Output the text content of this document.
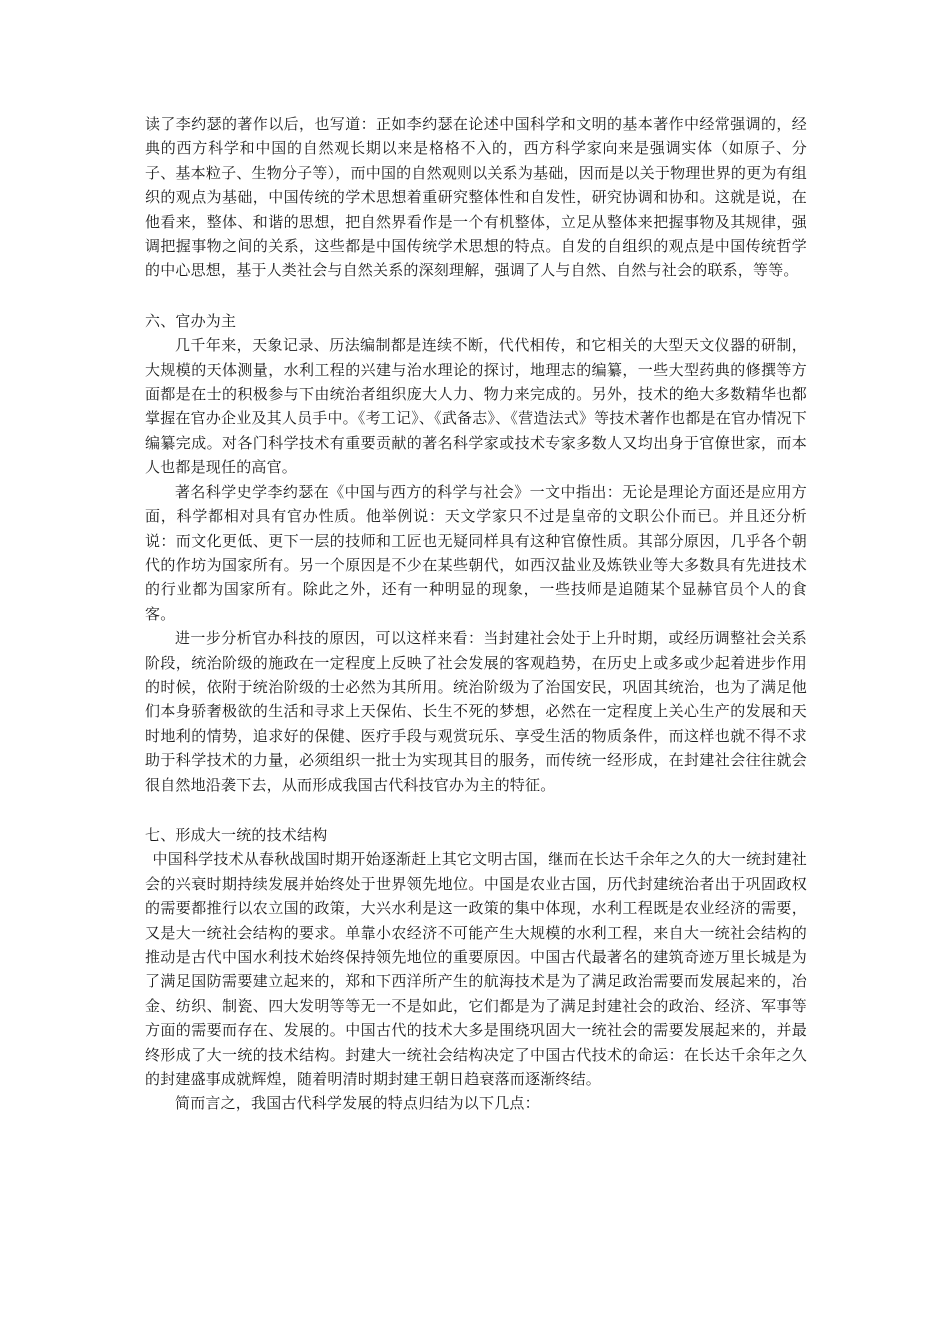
读了李约瑟的著作以后，也写道：正如李约瑟在论述中国科学和文明的基本著作中经常强调的，经典的西方科学和中国的自然观长期以来是格格不入的，西方科学家向来是强调实体（如原子、分子、基本粒子、生物分子等），而中国的自然观则以关系为基础，因而是以关于物理世界的更为有组织的观点为基础，中国传统的学术思想着重研究整体性和自发性，研究协调和协和。这就是说，在他看来，整体、和谐的思想，把自然界看作是一个有机整体，立足从整体来把握事物及其规律，强调把握事物之间的关系，这些都是中国传统学术思想的特点。自发的自组织的观点是中国传统哲学的中心思想，基于人类社会与自然关系的深刻理解，强调了人与自然、自然与社会的联系，等等。

六、官办为主

几千年来，天象记录、历法编制都是连续不断，代代相传，和它相关的大型天文仪器的研制，大规模的天体测量，水利工程的兴建与治水理论的探讨，地理志的编纂，一些大型药典的修撰等方面都是在士的积极参与下由统治者组织庞大人力、物力来完成的。另外，技术的绝大多数精华也都掌握在官办企业及其人员手中。《考工记》、《武备志》、《营造法式》等技术著作也都是在官办情况下编纂完成。对各门科学技术有重要贡献的著名科学家或技术专家多数人又均出身于官僚世家，而本人也都是现任的高官。

著名科学史学李约瑟在《中国与西方的科学与社会》一文中指出：无论是理论方面还是应用方面，科学都相对具有官办性质。他举例说：天文学家只不过是皇帝的文职公仆而已。并且还分析说：而文化更低、更下一层的技师和工匠也无疑同样具有这种官僚性质。其部分原因，几乎各个朝代的作坊为国家所有。另一个原因是不少在某些朝代，如西汉盐业及炼铁业等大多数具有先进技术的行业都为国家所有。除此之外，还有一种明显的现象，一些技师是追随某个显赫官员个人的食客。

进一步分析官办科技的原因，可以这样来看：当封建社会处于上升时期，或经历调整社会关系阶段，统治阶级的施政在一定程度上反映了社会发展的客观趋势，在历史上或多或少起着进步作用的时候，依附于统治阶级的士必然为其所用。统治阶级为了治国安民，巩固其统治，也为了满足他们本身骄奢极欲的生活和寻求上天保佑、长生不死的梦想，必然在一定程度上关心生产的发展和天时地利的情势，追求好的保健、医疗手段与观赏玩乐、享受生活的物质条件，而这样也就不得不求助于科学技术的力量，必须组织一批士为实现其目的服务，而传统一经形成，在封建社会往往就会很自然地沿袭下去，从而形成我国古代科技官办为主的特征。

七、形成大一统的技术结构

中国科学技术从春秋战国时期开始逐渐赶上其它文明古国，继而在长达千余年之久的大一统封建社会的兴衰时期持续发展并始终处于世界领先地位。中国是农业古国，历代封建统治者出于巩固政权的需要都推行以农立国的政策，大兴水利是这一政策的集中体现，水利工程既是农业经济的需要，又是大一统社会结构的要求。单靠小农经济不可能产生大规模的水利工程，来自大一统社会结构的推动是古代中国水利技术始终保持领先地位的重要原因。中国古代最著名的建筑奇迹万里长城是为了满足国防需要建立起来的，郑和下西洋所产生的航海技术是为了满足政治需要而发展起来的，冶金、纺织、制瓷、四大发明等等无一不是如此，它们都是为了满足封建社会的政治、经济、军事等方面的需要而存在、发展的。中国古代的技术大多是围绕巩固大一统社会的需要发展起来的，并最终形成了大一统的技术结构。封建大一统社会结构决定了中国古代技术的命运：在长达千余年之久的封建盛事成就辉煌，随着明清时期封建王朝日趋衰落而逐渐终结。

简而言之，我国古代科学发展的特点归结为以下几点：
